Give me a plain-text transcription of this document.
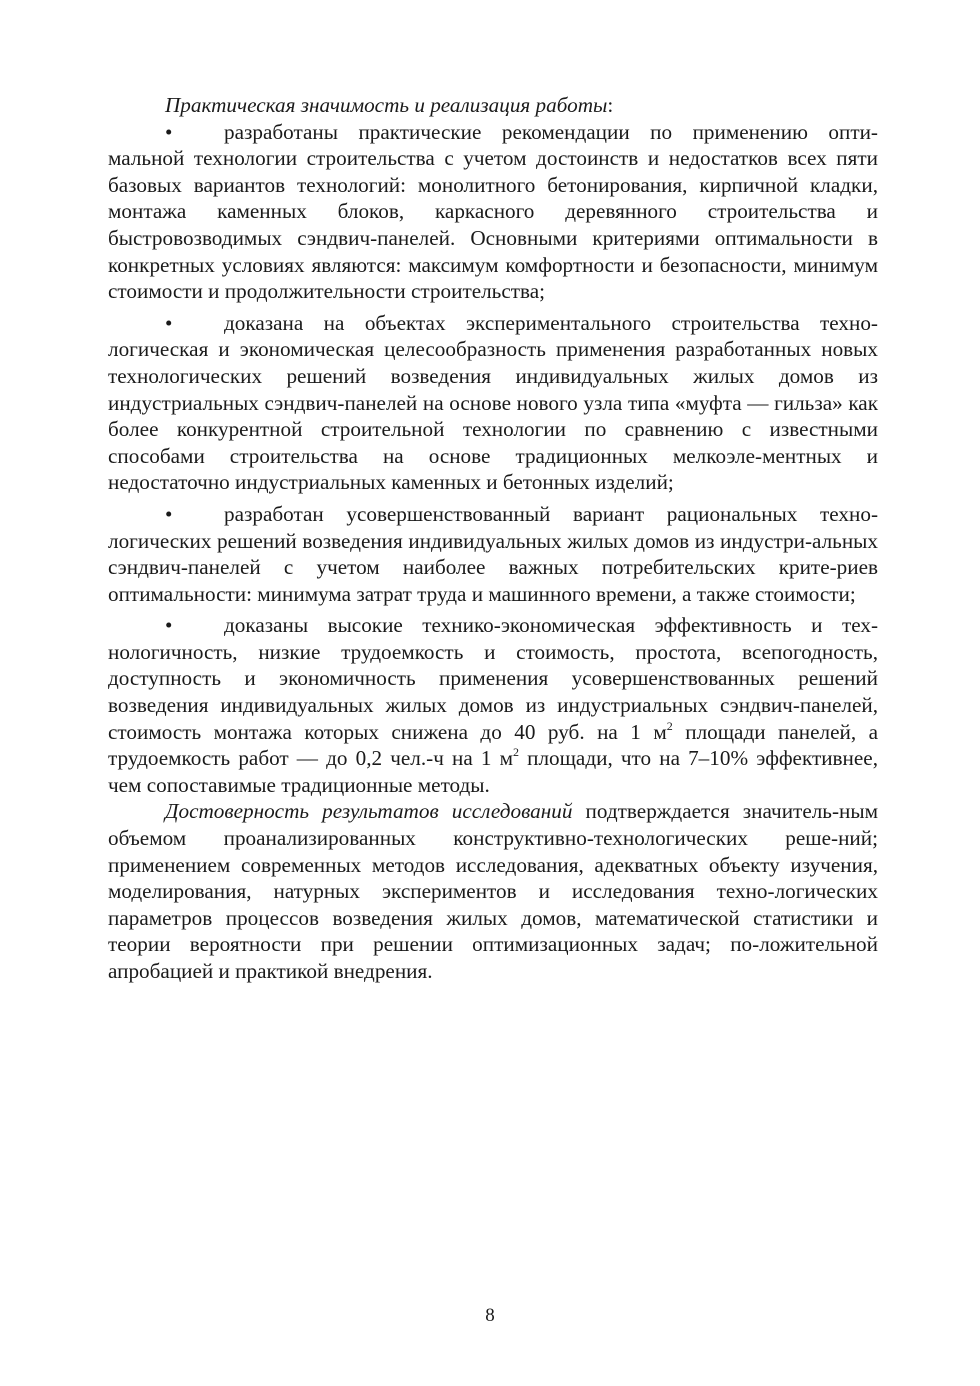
Практическая значимость и реализация работы:

• разработаны практические рекомендации по применению опти-мальной технологии строительства с учетом достоинств и недостатков всех пяти базовых вариантов технологий: монолитного бетонирования, кирпичной кладки, монтажа каменных блоков, каркасного деревянного строительства и быстровозводимых сэндвич-панелей. Основными критериями оптимальности в конкретных условиях являются: максимум комфортности и безопасности, минимум стоимости и продолжительности строительства;

• доказана на объектах экспериментального строительства техно-логическая и экономическая целесообразность применения разработанных новых технологических решений возведения индивидуальных жилых домов из индустриальных сэндвич-панелей на основе нового узла типа «муфта — гильза» как более конкурентной строительной технологии по сравнению с известными способами строительства на основе традиционных мелкоэле-ментных и недостаточно индустриальных каменных и бетонных изделий;

• разработан усовершенствованный вариант рациональных техно-логических решений возведения индивидуальных жилых домов из индустри-альных сэндвич-панелей с учетом наиболее важных потребительских крите-риев оптимальности: минимума затрат труда и машинного времени, а также стоимости;

• доказаны высокие технико-экономическая эффективность и тех-нологичность, низкие трудоемкость и стоимость, простота, всепогодность, доступность и экономичность применения усовершенствованных решений возведения индивидуальных жилых домов из индустриальных сэндвич-панелей, стоимость монтажа которых снижена до 40 руб. на 1 $м^2$ площади панелей, а трудоемкость работ — до 0,2 чел.-ч на 1 $м^2$ площади, что на 7–10% эффективнее, чем сопоставимые традиционные методы.

Достоверность результатов исследований подтверждается значитель-ным объемом проанализированных конструктивно-технологических реше-ний; применением современных методов исследования, адекватных объекту изучения, моделирования, натурных экспериментов и исследования техно-логических параметров процессов возведения жилых домов, математической статистики и теории вероятности при решении оптимизационных задач; по-ложительной апробацией и практикой внедрения.

8
